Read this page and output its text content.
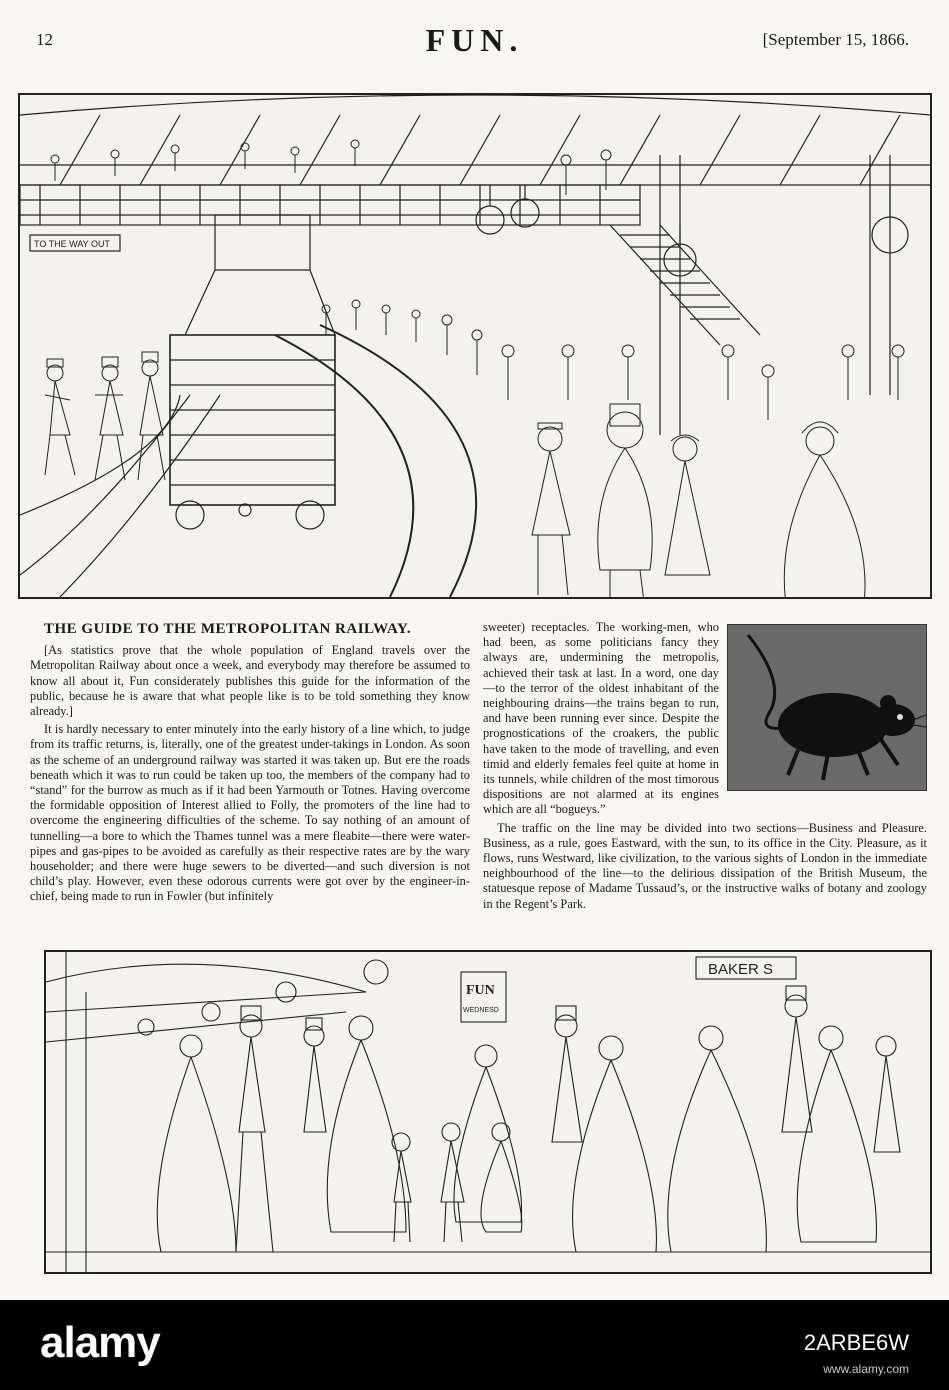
12	FUN.	[September 15, 1866.
TO THE WAY OUT
THE GUIDE TO THE METROPOLITAN RAILWAY.

[As statistics prove that the whole population of England travels over the Metropolitan Railway about once a week, and everybody may therefore be assumed to know all about it, Fun considerately publishes this guide for the information of the public, because he is aware that what people like is to be told something they know already.]

It is hardly necessary to enter minutely into the early history of a line which, to judge from its traffic returns, is, literally, one of the greatest under-takings in London. As soon as the scheme of an underground railway was started it was taken up. But ere the roads beneath which it was to run could be taken up too, the members of the company had to “stand” for the burrow as much as if it had been Yarmouth or Totnes. Having overcome the formidable opposition of Interest allied to Folly, the promoters of the line had to overcome the engineering difficulties of the scheme. To say nothing of an amount of tunnelling—a bore to which the Thames tunnel was a mere fleabite—there were water-pipes and gas-pipes to be avoided as carefully as their respective rates are by the wary householder; and there were huge sewers to be diverted—and such diversion is not child’s play. However, even these odorous currents were got over by the engineer-in-chief, being made to run in Fowler (but infinitely

sweeter) receptacles. The working-men, who had been, as some politicians fancy they always are, undermining the metropolis, achieved their task at last. In a word, one day—to the terror of the oldest inhabitant of the neighbouring drains—the trains began to run, and have been running ever since. Despite the prognostications of the croakers, the public have taken to the mode of travelling, and even timid and elderly females feel quite at home in its tunnels, while children of the most timorous dispositions are not alarmed at its engines which are all “bogueys.”

The traffic on the line may be divided into two sections—Business and Pleasure. Business, as a rule, goes Eastward, with the sun, to its office in the City. Pleasure, as it flows, runs Westward, like civilization, to the various sights of London in the immediate neighbourhood of the line—to the delirious dissipation of the British Museum, the statuesque repose of Madame Tussaud’s, or the instructive walks of botany and zoology in the Regent’s Park.

FUN
WEDNESD
BAKER S
alamy	2ARBE6W
www.alamy.com
